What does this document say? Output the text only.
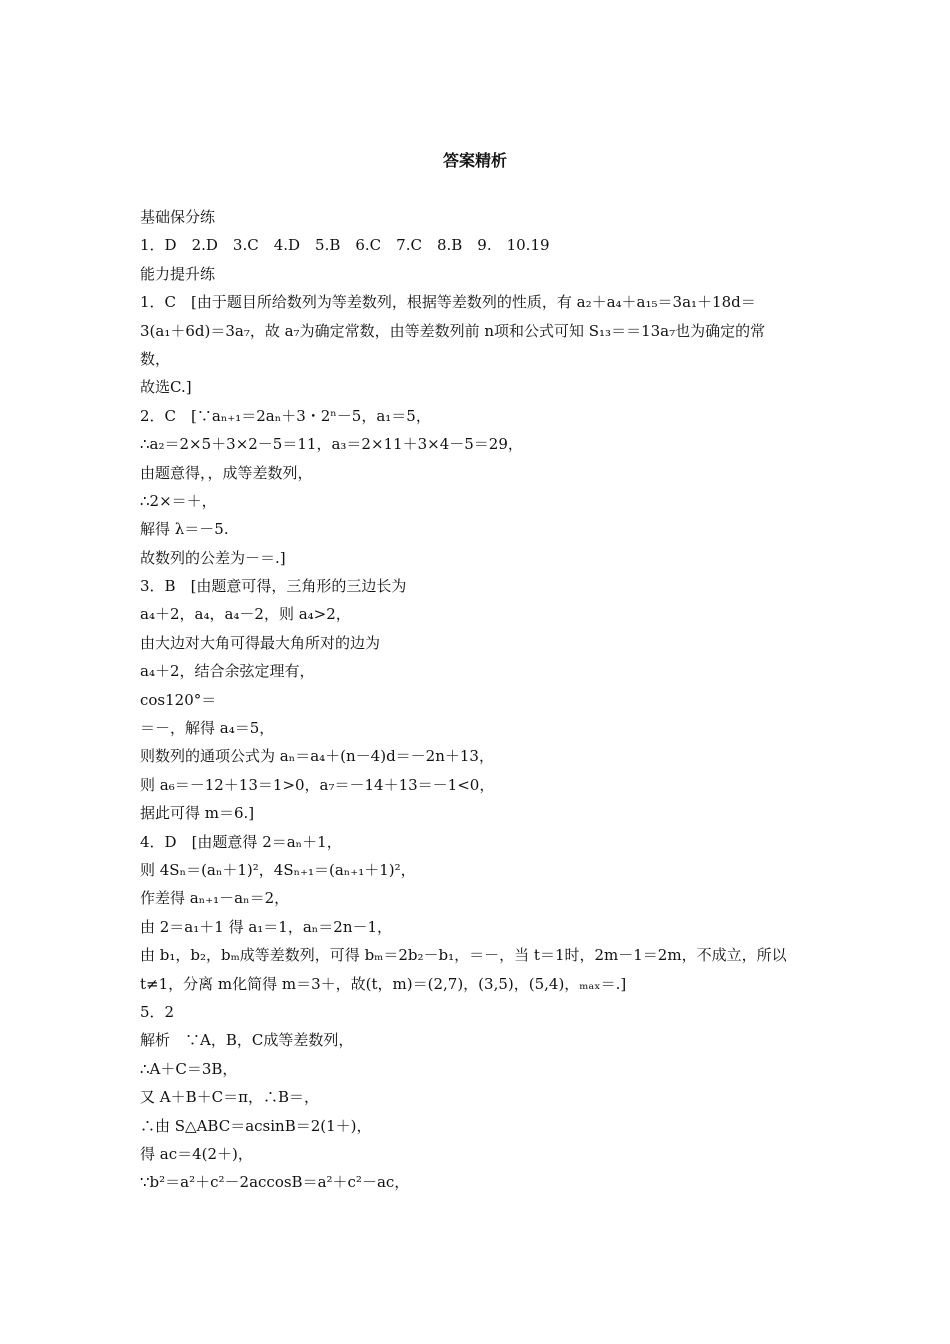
答案精析
基础保分练
1．D　2.D　3.C　4.D　5.B　6.C　7.C　8.B　9.　10.19
能力提升练
1．C　[由于题目所给数列为等差数列，根据等差数列的性质，有 a₂＋a₄＋a₁₅＝3a₁＋18d＝
3(a₁＋6d)＝3a₇，故 a₇为确定常数，由等差数列前 n项和公式可知 S₁₃＝＝13a₇也为确定的常
数，
故选C.]
2．C　[∵aₙ₊₁＝2aₙ＋3・2ⁿ－5，a₁＝5，
∴a₂＝2×5＋3×2－5＝11，a₃＝2×11＋3×4－5＝29，
由题意得，，成等差数列，
∴2×＝＋，
解得 λ＝－5.
故数列的公差为－＝.]
3．B　[由题意可得，三角形的三边长为
a₄＋2，a₄，a₄－2，则 a₄>2，
由大边对大角可得最大角所对的边为
a₄＋2，结合余弦定理有，
cos120°＝
＝－，解得 a₄＝5，
则数列的通项公式为 aₙ＝a₄＋(n－4)d＝－2n＋13，
则 a₆＝－12＋13＝1>0，a₇＝－14＋13＝－1<0，
据此可得 m＝6.]
4．D　[由题意得 2＝aₙ＋1，
则 4Sₙ＝(aₙ＋1)²，4Sₙ₊₁＝(aₙ₊₁＋1)²，
作差得 aₙ₊₁－aₙ＝2，
由 2＝a₁＋1 得 a₁＝1，aₙ＝2n－1，
由 b₁，b₂，bₘ成等差数列，可得 bₘ＝2b₂－b₁，＝－，当 t＝1时，2m－1＝2m，不成立，所以
t≠1，分离 m化简得 m＝3＋，故(t，m)＝(2,7)，(3,5)，(5,4)，ₘₐₓ＝.]
5．2
解析　∵A，B，C成等差数列，
∴A＋C＝3B，
又 A＋B＋C＝π，∴B＝，
∴由 S△ABC＝acsinB＝2(1＋)，
得 ac＝4(2＋)，
∵b²＝a²＋c²－2accosB＝a²＋c²－ac，
